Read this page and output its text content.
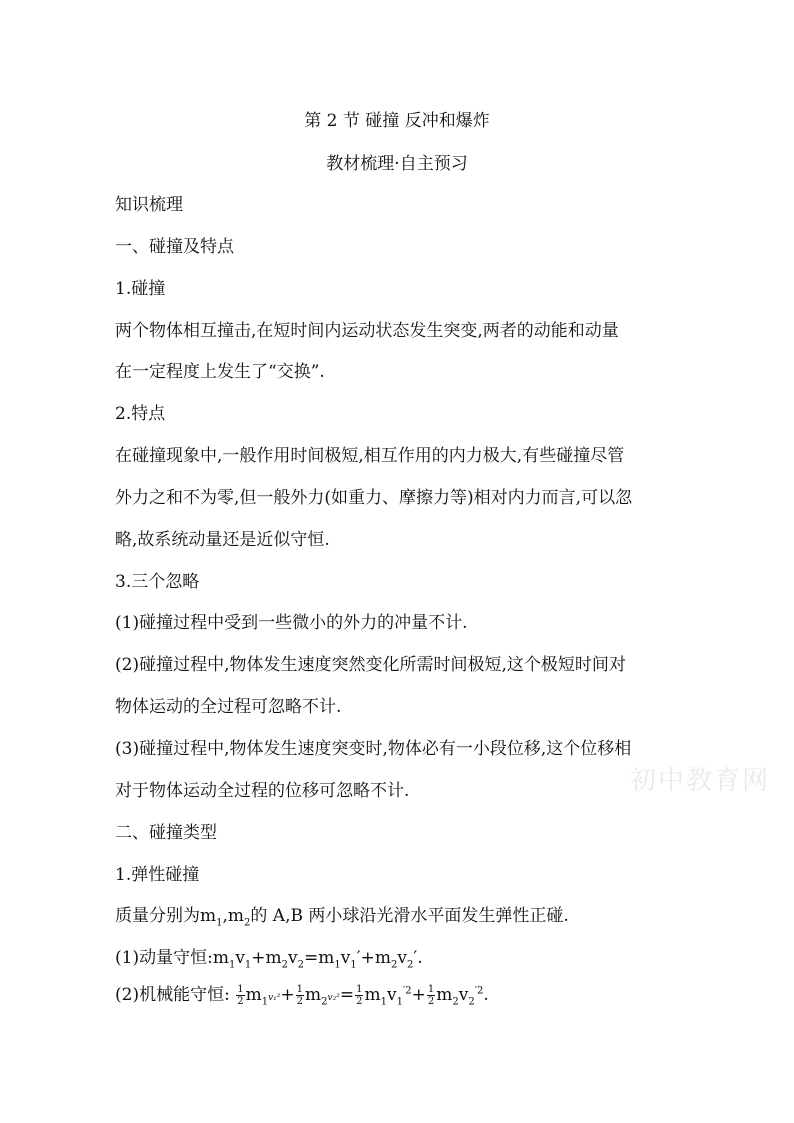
第 2 节 碰撞 反冲和爆炸
教材梳理·自主预习
知识梳理
一、碰撞及特点
1.碰撞
两个物体相互撞击,在短时间内运动状态发生突变,两者的动能和动量
在一定程度上发生了“交换”.
2.特点
在碰撞现象中,一般作用时间极短,相互作用的内力极大,有些碰撞尽管
外力之和不为零,但一般外力(如重力、摩擦力等)相对内力而言,可以忽
略,故系统动量还是近似守恒.
3.三个忽略
(1)碰撞过程中受到一些微小的外力的冲量不计.
(2)碰撞过程中,物体发生速度突然变化所需时间极短,这个极短时间对
物体运动的全过程可忽略不计.
(3)碰撞过程中,物体发生速度突变时,物体必有一小段位移,这个位移相
对于物体运动全过程的位移可忽略不计.
二、碰撞类型
1.弹性碰撞
质量分别为$m_1,m_2$的 A,B 两小球沿光滑水平面发生弹性正碰.
(1)动量守恒$:m_1v_1+m_2v_2=m_1v_1'+m_2v_2'$.
(2)机械能守恒: $\frac{1}{2} m_1v_1^2+ \frac{1}{2} m_2v_2^2= \frac{1}{2} m_1v_1^{'2}+ \frac{1}{2} m_2v_2^{'2}$.
初中教育网
